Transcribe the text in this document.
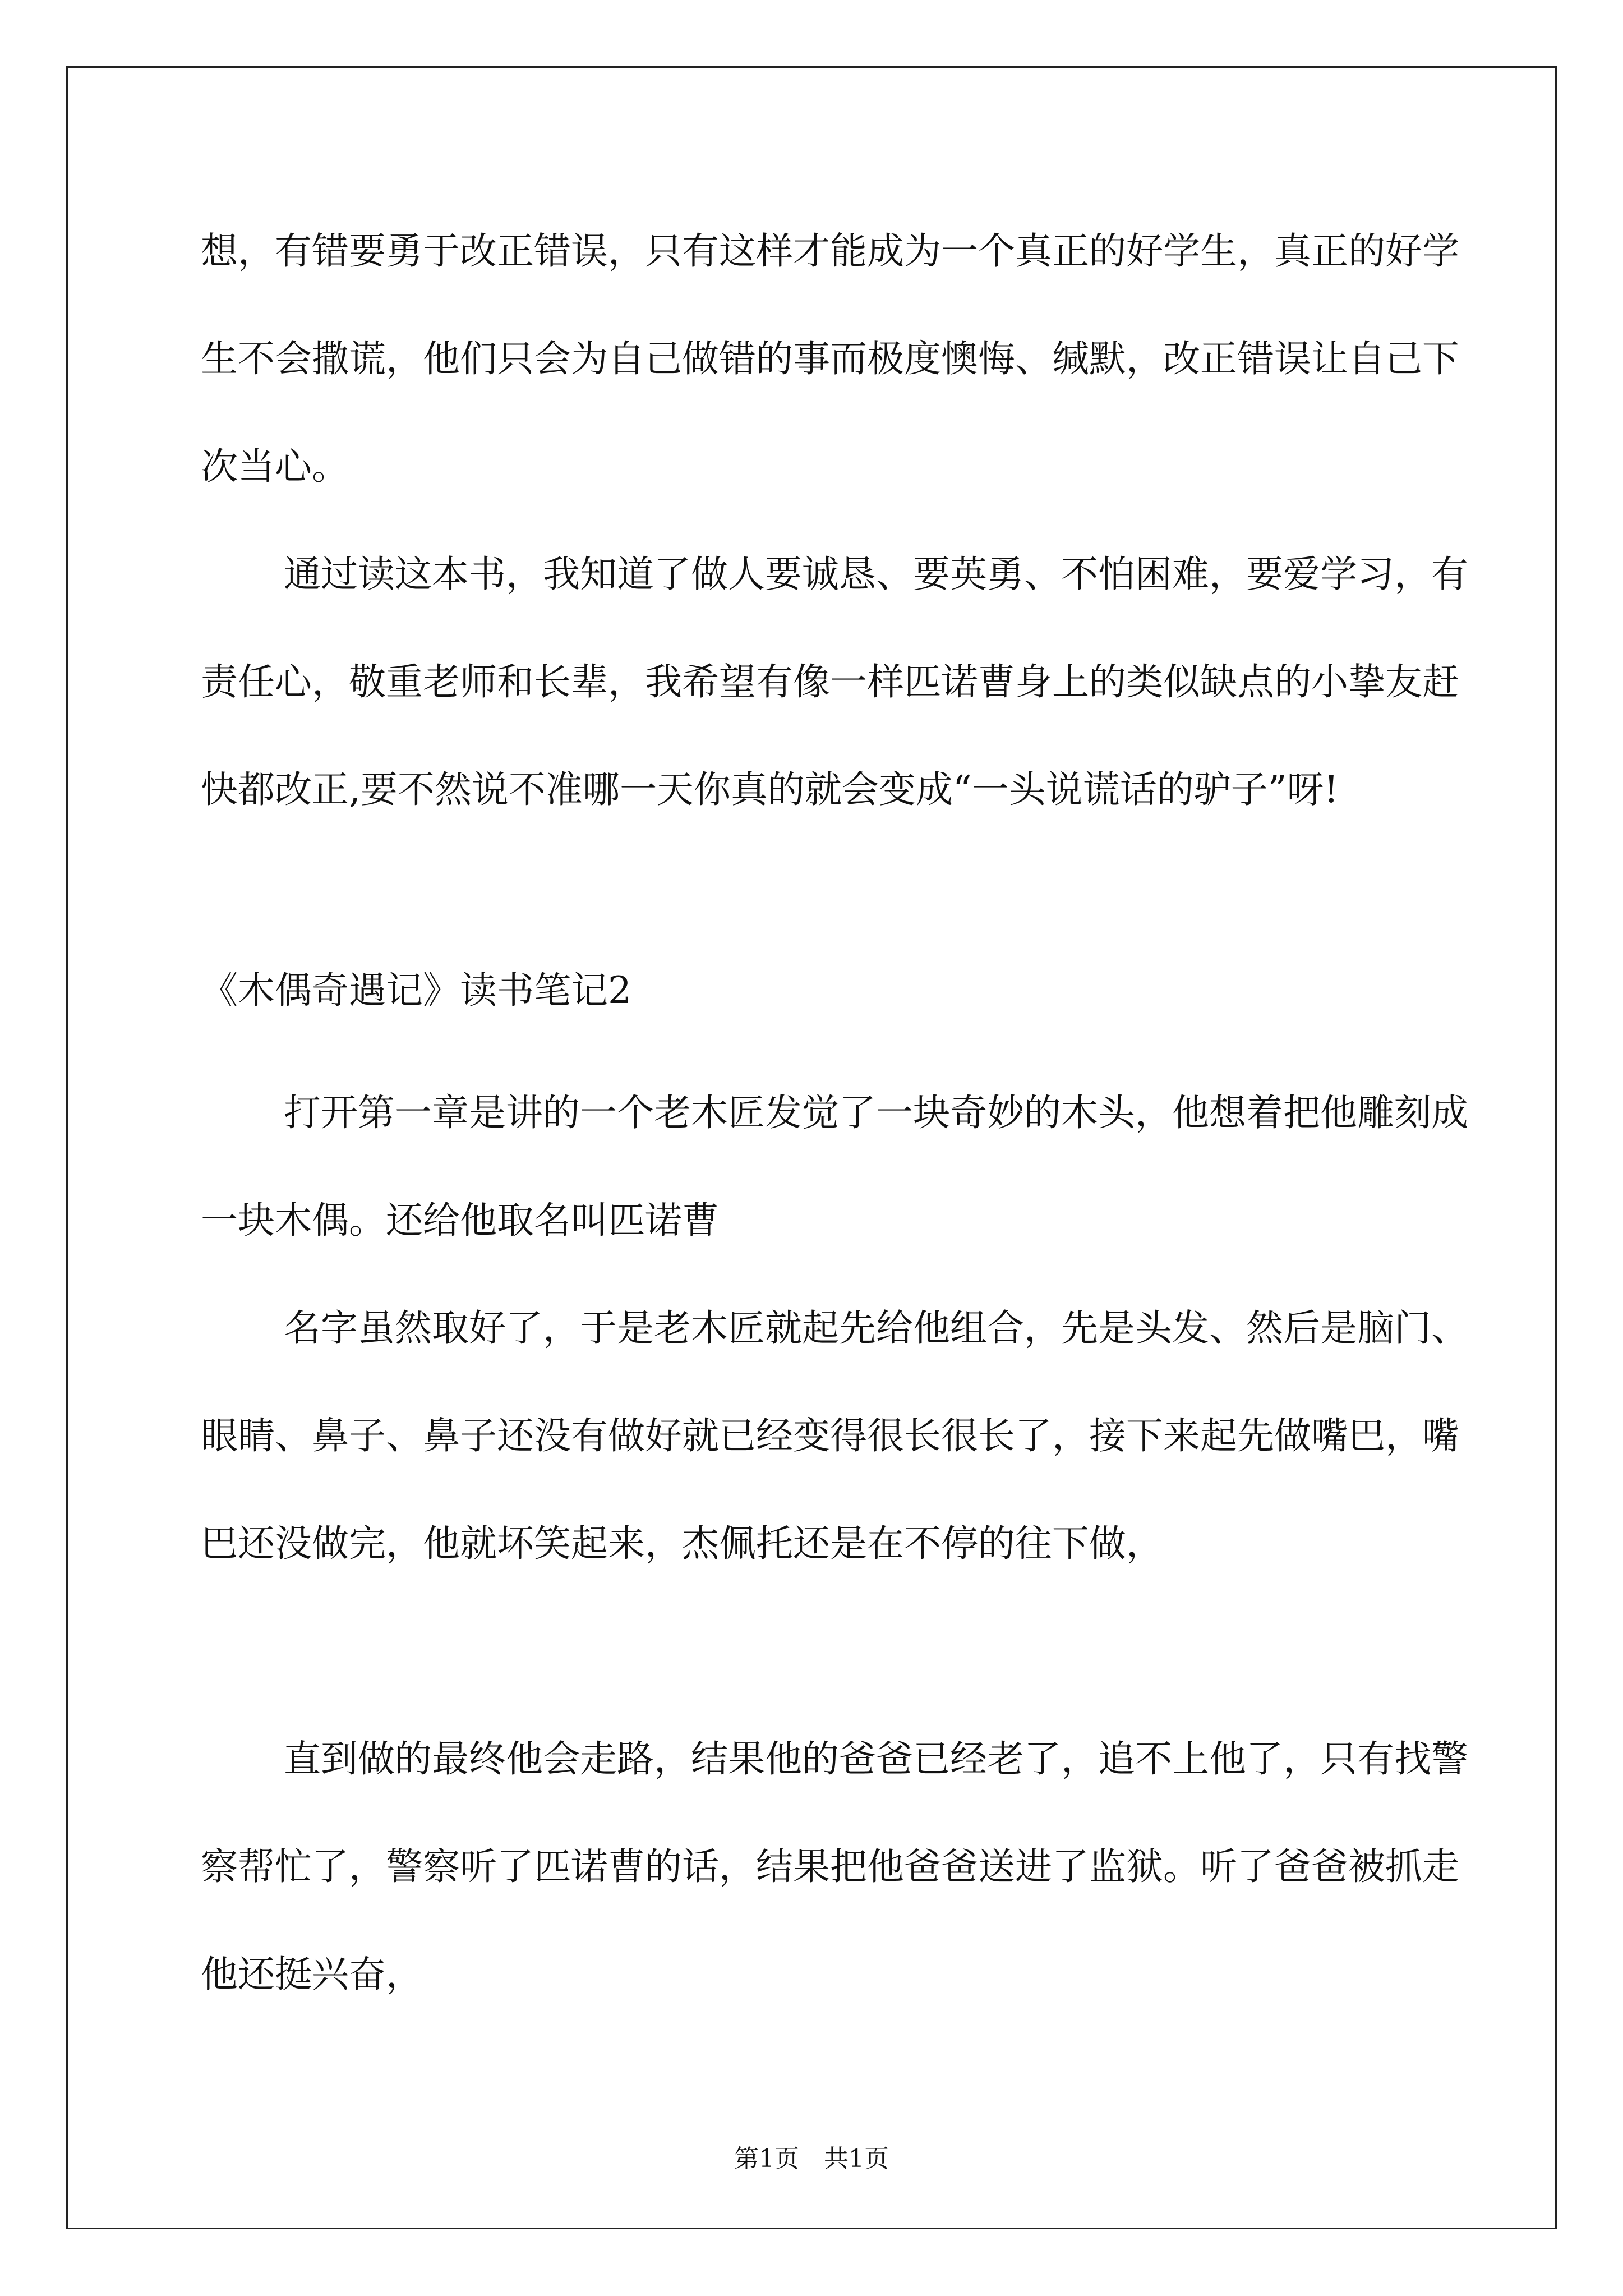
想，有错要勇于改正错误，只有这样才能成为一个真正的好学生，真正的好学生不会撒谎，他们只会为自己做错的事而极度懊悔、缄默，改正错误让自己下次当心。

通过读这本书，我知道了做人要诚恳、要英勇、不怕困难，要爱学习，有责任心，敬重老师和长辈，我希望有像一样匹诺曹身上的类似缺点的小挚友赶快都改正,要不然说不准哪一天你真的就会变成“一头说谎话的驴子”呀!

《木偶奇遇记》读书笔记2

打开第一章是讲的一个老木匠发觉了一块奇妙的木头，他想着把他雕刻成一块木偶。还给他取名叫匹诺曹

名字虽然取好了，于是老木匠就起先给他组合，先是头发、然后是脑门、眼睛、鼻子、鼻子还没有做好就已经变得很长很长了，接下来起先做嘴巴，嘴巴还没做完，他就坏笑起来，杰佩托还是在不停的往下做，

直到做的最终他会走路，结果他的爸爸已经老了，追不上他了，只有找警察帮忙了，警察听了匹诺曹的话，结果把他爸爸送进了监狱。听了爸爸被抓走他还挺兴奋，

第1页　共1页
